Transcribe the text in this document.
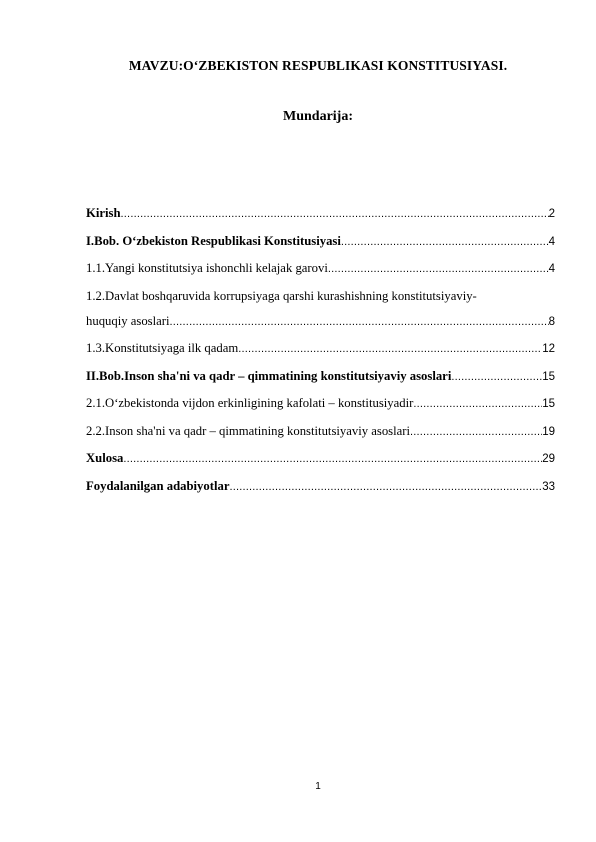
MAVZU:O‘ZBEKISTON RESPUBLIKASI KONSTITUSIYASI.
Mundarija:
Kirish .....	2
I.Bob. O‘zbekiston Respublikasi Konstitusiyasi .....	4
1.1.Yangi konstitutsiya ishonchli kelajak garovi .....	4
1.2.Davlat boshqaruvida korrupsiyaga qarshi kurashishning konstitutsiyaviy-
huquqiy asoslari .....	8
1.3.Konstitutsiyaga ilk qadam .....	12
II.Bob.Inson sha'ni va qadr – qimmatining konstitutsiyaviy asoslari .....	15
2.1.O‘zbekistonda vijdon erkinligining kafolati – konstitusiyadir .....	15
2.2.Inson sha'ni va qadr – qimmatining konstitutsiyaviy asoslari .....	19
Xulosa .....	29
Foydalanilgan adabiyotlar .....	33
1
